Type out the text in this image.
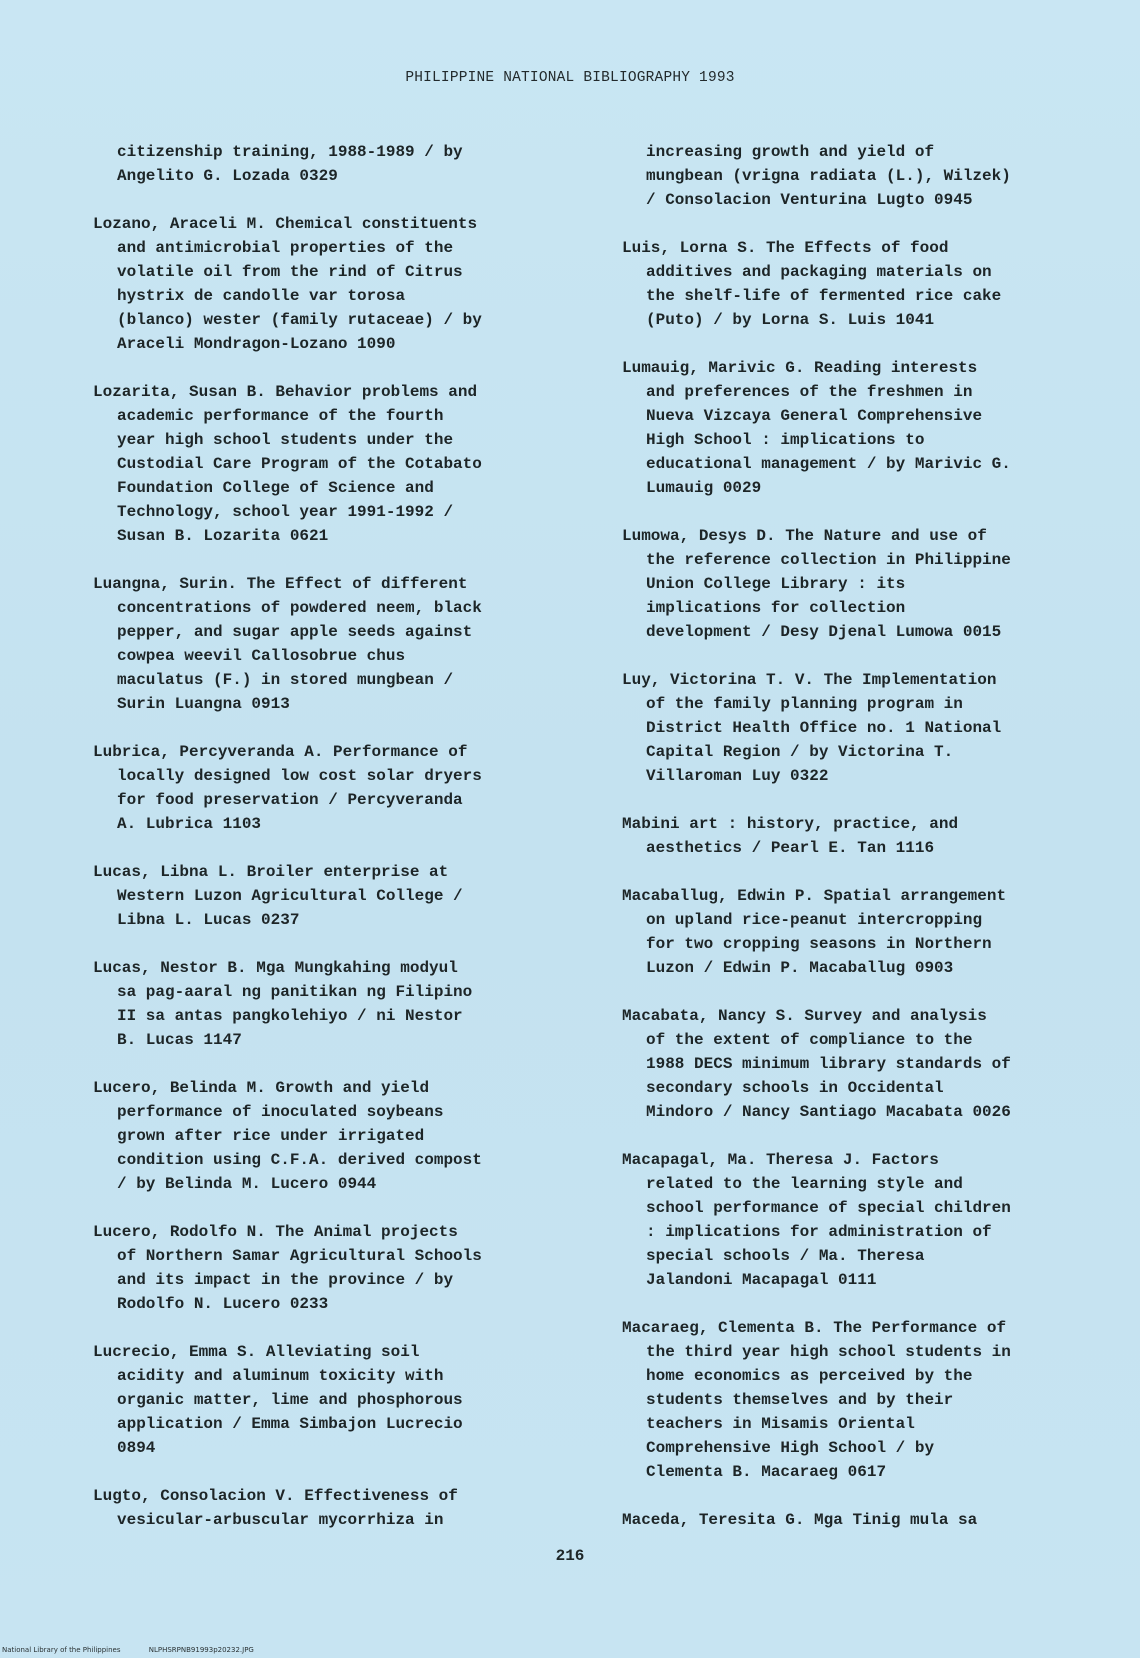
PHILIPPINE NATIONAL BIBLIOGRAPHY 1993

citizenship training, 1988-1989 / by
Angelito G. Lozada 0329

Lozano, Araceli M. Chemical constituents
and antimicrobial properties of the
volatile oil from the rind of Citrus
hystrix de candolle var torosa
(blanco) wester (family rutaceae) / by
Araceli Mondragon-Lozano 1090

Lozarita, Susan B. Behavior problems and
academic performance of the fourth
year high school students under the
Custodial Care Program of the Cotabato
Foundation College of Science and
Technology, school year 1991-1992 /
Susan B. Lozarita 0621

Luangna, Surin. The Effect of different
concentrations of powdered neem, black
pepper, and sugar apple seeds against
cowpea weevil Callosobrue chus
maculatus (F.) in stored mungbean /
Surin Luangna 0913

Lubrica, Percyveranda A. Performance of
locally designed low cost solar dryers
for food preservation / Percyveranda
A. Lubrica 1103

Lucas, Libna L. Broiler enterprise at
Western Luzon Agricultural College /
Libna L. Lucas 0237

Lucas, Nestor B. Mga Mungkahing modyul
sa pag-aaral ng panitikan ng Filipino
II sa antas pangkolehiyo / ni Nestor
B. Lucas 1147

Lucero, Belinda M. Growth and yield
performance of inoculated soybeans
grown after rice under irrigated
condition using C.F.A. derived compost
/ by Belinda M. Lucero 0944

Lucero, Rodolfo N. The Animal projects
of Northern Samar Agricultural Schools
and its impact in the province / by
Rodolfo N. Lucero 0233

Lucrecio, Emma S. Alleviating soil
acidity and aluminum toxicity with
organic matter, lime and phosphorous
application / Emma Simbajon Lucrecio
0894

Lugto, Consolacion V. Effectiveness of
vesicular-arbuscular mycorrhiza in

increasing growth and yield of
mungbean (vrigna radiata (L.), Wilzek)
/ Consolacion Venturina Lugto 0945

Luis, Lorna S. The Effects of food
additives and packaging materials on
the shelf-life of fermented rice cake
(Puto) / by Lorna S. Luis 1041

Lumauig, Marivic G. Reading interests
and preferences of the freshmen in
Nueva Vizcaya General Comprehensive
High School : implications to
educational management / by Marivic G.
Lumauig 0029

Lumowa, Desys D. The Nature and use of
the reference collection in Philippine
Union College Library : its
implications for collection
development / Desy Djenal Lumowa 0015

Luy, Victorina T. V. The Implementation
of the family planning program in
District Health Office no. 1 National
Capital Region / by Victorina T.
Villaroman Luy 0322

Mabini art : history, practice, and
aesthetics / Pearl E. Tan 1116

Macaballug, Edwin P. Spatial arrangement
on upland rice-peanut intercropping
for two cropping seasons in Northern
Luzon / Edwin P. Macaballug 0903

Macabata, Nancy S. Survey and analysis
of the extent of compliance to the
1988 DECS minimum library standards of
secondary schools in Occidental
Mindoro / Nancy Santiago Macabata 0026

Macapagal, Ma. Theresa J. Factors
related to the learning style and
school performance of special children
: implications for administration of
special schools / Ma. Theresa
Jalandoni Macapagal 0111

Macaraeg, Clementa B. The Performance of
the third year high school students in
home economics as perceived by the
students themselves and by their
teachers in Misamis Oriental
Comprehensive High School / by
Clementa B. Macaraeg 0617

Maceda, Teresita G. Mga Tinig mula sa

216
National Library of the Philippines	NLPHSRPNB91993p20232.JPG
